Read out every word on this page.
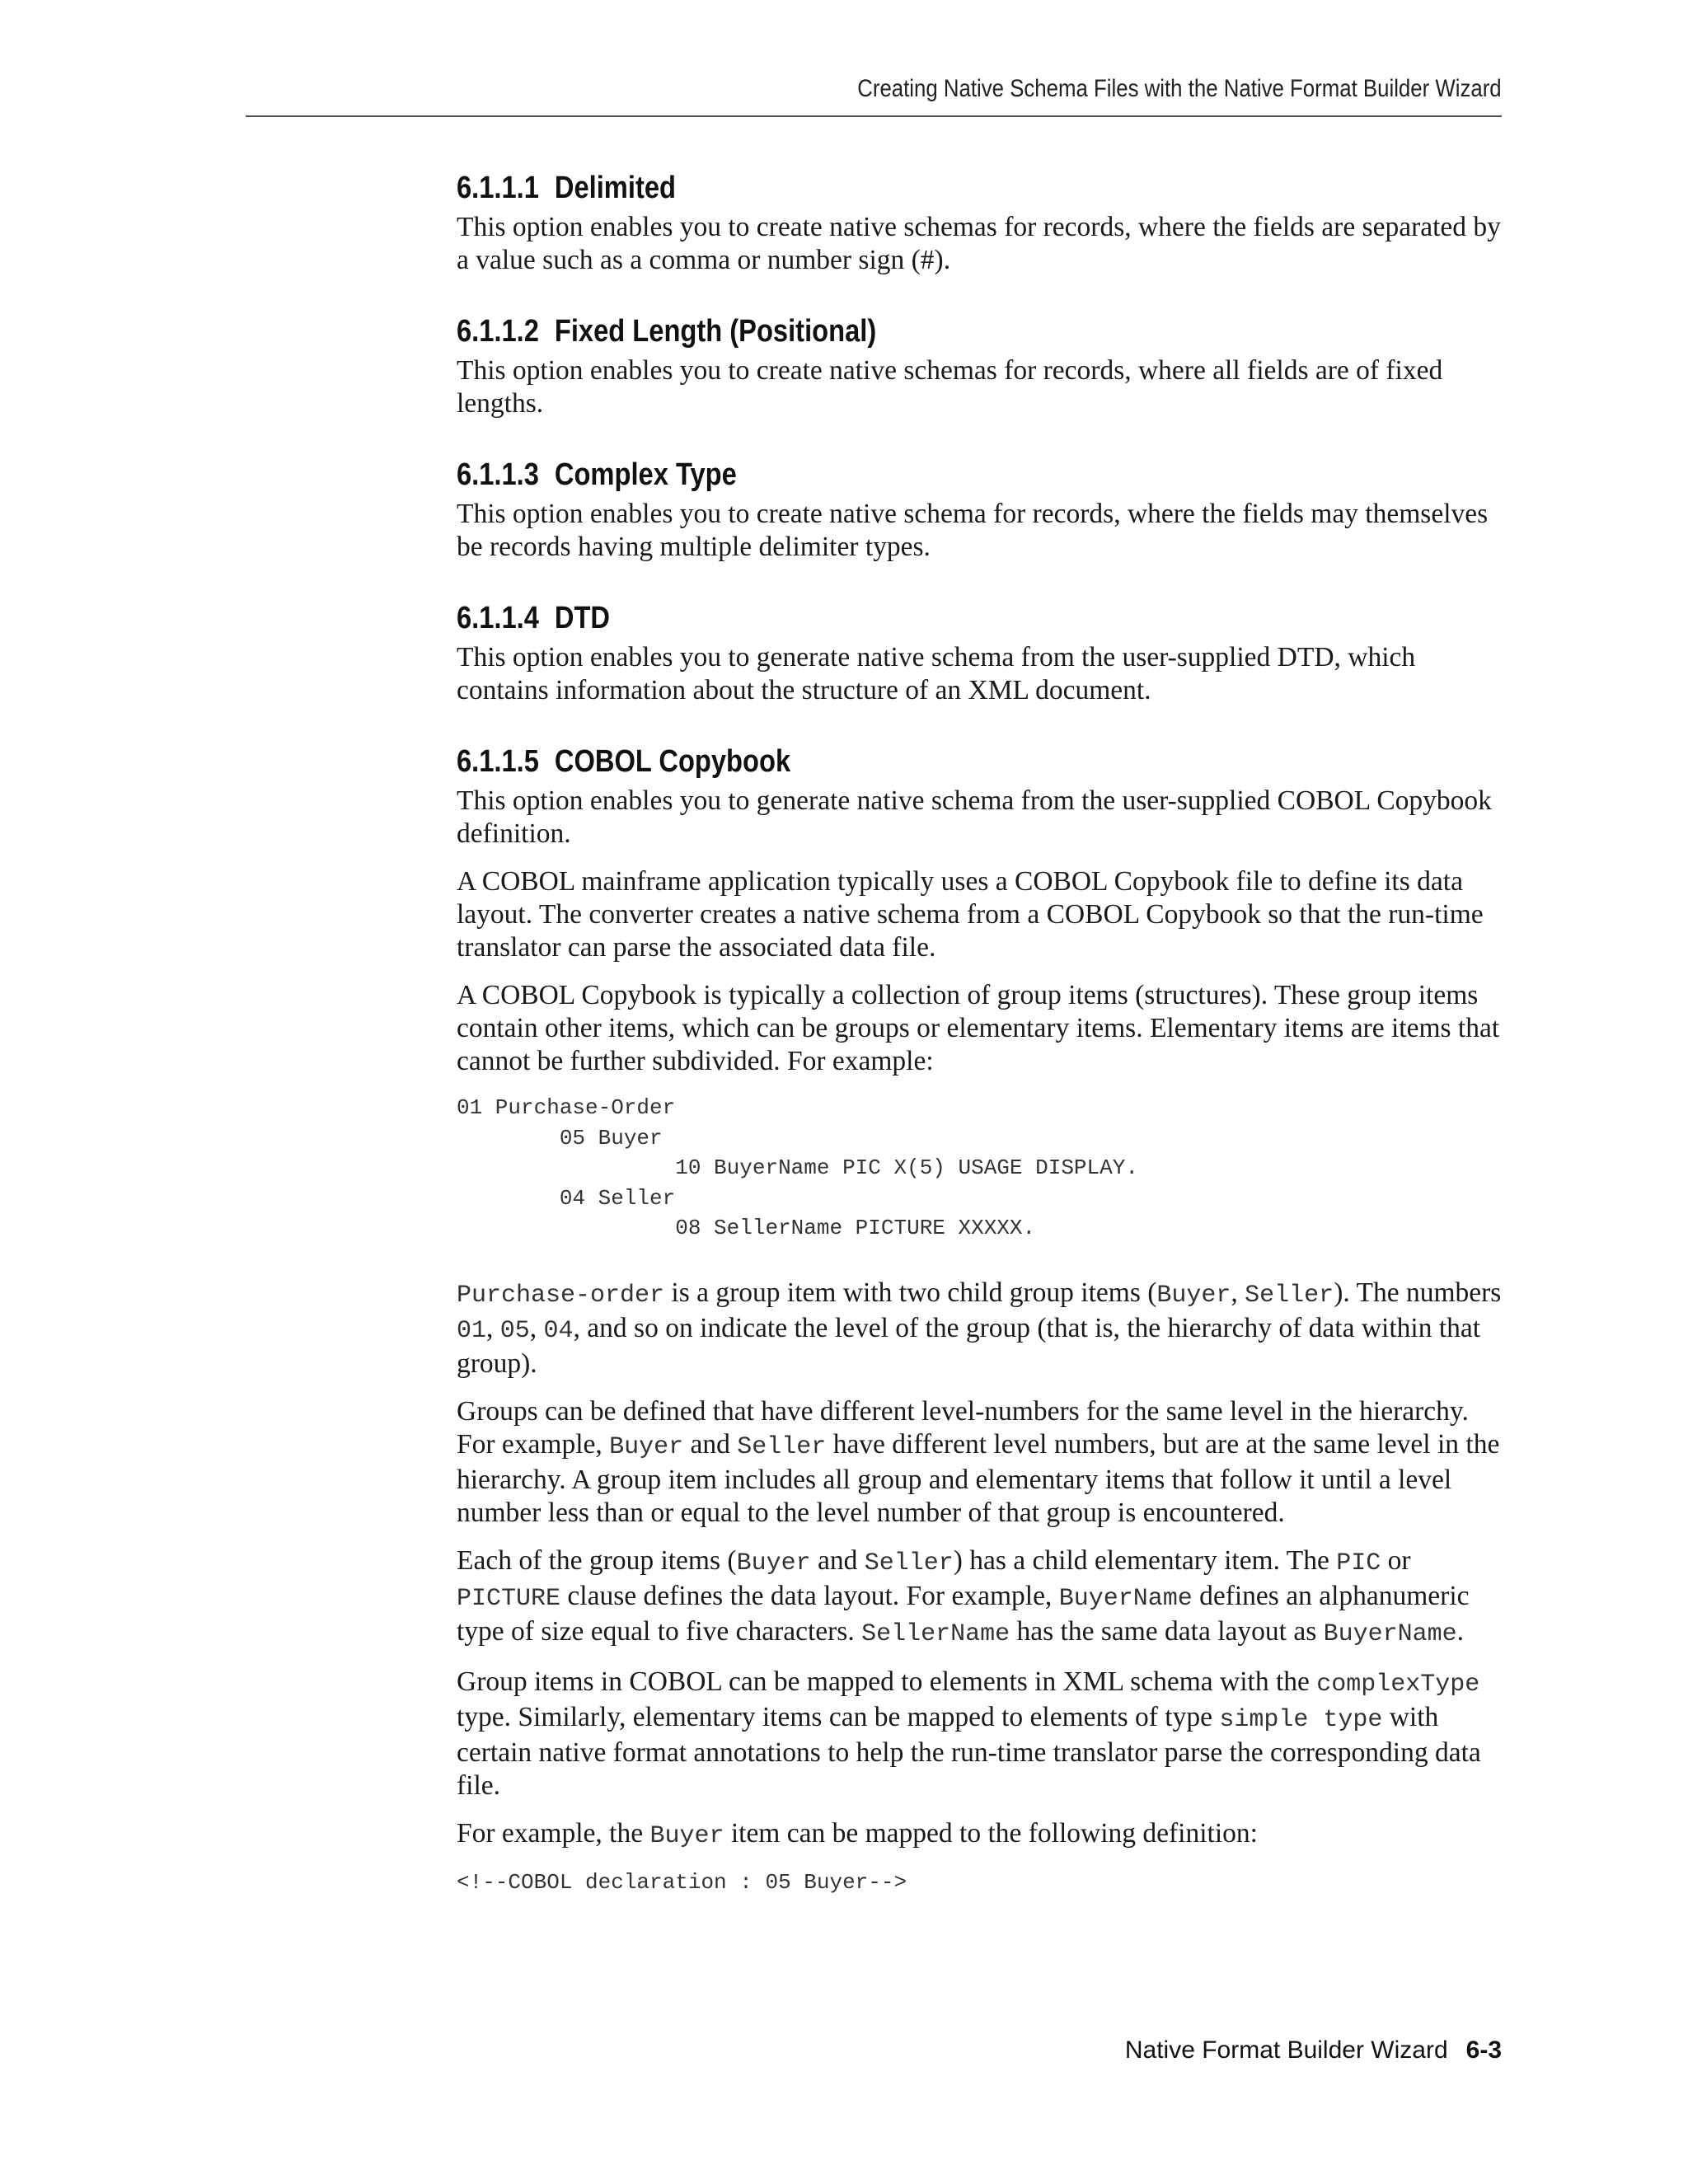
Creating Native Schema Files with the Native Format Builder Wizard
6.1.1.1 Delimited

This option enables you to create native schemas for records, where the fields are separated by a value such as a comma or number sign (#).

6.1.1.2 Fixed Length (Positional)

This option enables you to create native schemas for records, where all fields are of fixed lengths.

6.1.1.3 Complex Type

This option enables you to create native schema for records, where the fields may themselves be records having multiple delimiter types.

6.1.1.4 DTD

This option enables you to generate native schema from the user-supplied DTD, which contains information about the structure of an XML document.

6.1.1.5 COBOL Copybook

This option enables you to generate native schema from the user-supplied COBOL Copybook definition.

A COBOL mainframe application typically uses a COBOL Copybook file to define its data layout. The converter creates a native schema from a COBOL Copybook so that the run-time translator can parse the associated data file.

A COBOL Copybook is typically a collection of group items (structures). These group items contain other items, which can be groups or elementary items. Elementary items are items that cannot be further subdivided. For example:

01 Purchase-Order
05 Buyer
10 BuyerName PIC X(5) USAGE DISPLAY.
04 Seller
08 SellerName PICTURE XXXXX.

Purchase-order is a group item with two child group items (Buyer, Seller). The numbers 01, 05, 04, and so on indicate the level of the group (that is, the hierarchy of data within that group).

Groups can be defined that have different level-numbers for the same level in the hierarchy. For example, Buyer and Seller have different level numbers, but are at the same level in the hierarchy. A group item includes all group and elementary items that follow it until a level number less than or equal to the level number of that group is encountered.

Each of the group items (Buyer and Seller) has a child elementary item. The PIC or PICTURE clause defines the data layout. For example, BuyerName defines an alphanumeric type of size equal to five characters. SellerName has the same data layout as BuyerName.

Group items in COBOL can be mapped to elements in XML schema with the complexType type. Similarly, elementary items can be mapped to elements of type simple type with certain native format annotations to help the run-time translator parse the corresponding data file.

For example, the Buyer item can be mapped to the following definition:

<!--COBOL declaration : 05 Buyer-->
Native Format Builder Wizard 6-3
